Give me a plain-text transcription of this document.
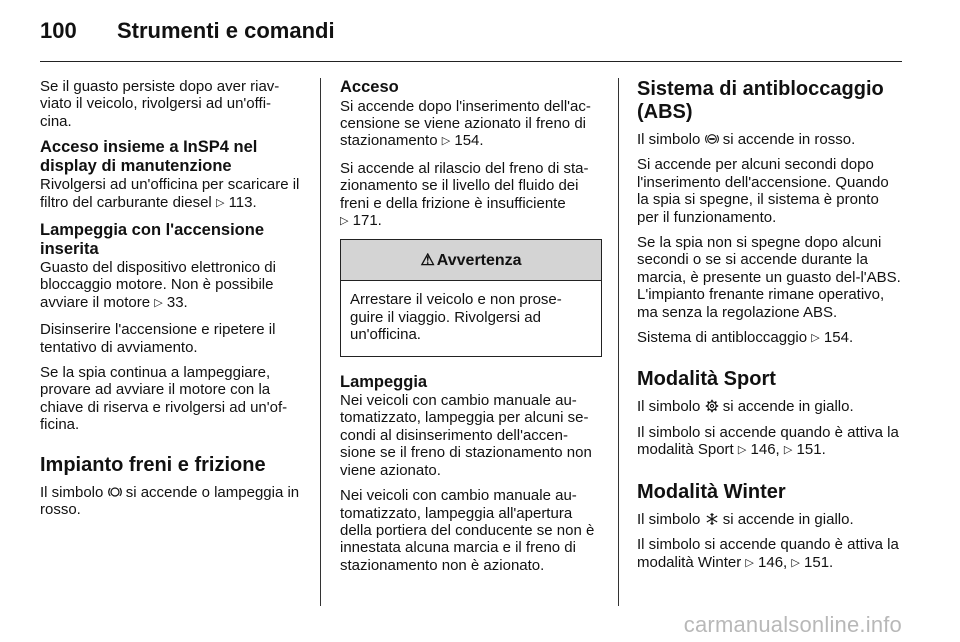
100 Strumenti e comandi

Se il guasto persiste dopo aver riav-viato il veicolo, rivolgersi ad un'offi-cina.

Acceso insieme a InSP4 nel display di manutenzione

Rivolgersi ad un'officina per scaricare il filtro del carburante diesel ▷ 113.

Lampeggia con l'accensione inserita

Guasto del dispositivo elettronico di bloccaggio motore. Non è possibile avviare il motore ▷ 33.

Disinserire l'accensione e ripetere il tentativo di avviamento.

Se la spia continua a lampeggiare, provare ad avviare il motore con la chiave di riserva e rivolgersi ad un'of-ficina.

Impianto freni e frizione

Il simbolo si accende o lampeggia in rosso.

Acceso

Si accende dopo l'inserimento dell'ac-censione se viene azionato il freno di stazionamento ▷ 154.

Si accende al rilascio del freno di sta-zionamento se il livello del fluido dei freni e della frizione è insufficiente
▷ 171.

⚠ Avvertenza
Arrestare il veicolo e non prose-guire il viaggio. Rivolgersi ad un'officina.
Lampeggia

Nei veicoli con cambio manuale au-tomatizzato, lampeggia per alcuni se-condi al disinserimento dell'accen-sione se il freno di stazionamento non viene azionato.

Nei veicoli con cambio manuale au-tomatizzato, lampeggia all'apertura della portiera del conducente se non è innestata alcuna marcia e il freno di stazionamento non è azionato.

Sistema di antibloccaggio (ABS)

Il simbolo si accende in rosso.

Si accende per alcuni secondi dopo l'inserimento dell'accensione. Quando la spia si spegne, il sistema è pronto per il funzionamento.

Se la spia non si spegne dopo alcuni secondi o se si accende durante la marcia, è presente un guasto del-l'ABS. L'impianto frenante rimane operativo, ma senza la regolazione ABS.

Sistema di antibloccaggio ▷ 154.

Modalità Sport

Il simbolo si accende in giallo.

Il simbolo si accende quando è attiva la modalità Sport ▷ 146, ▷ 151.

Modalità Winter

Il simbolo si accende in giallo.

Il simbolo si accende quando è attiva la modalità Winter ▷ 146, ▷ 151.

carmanualsonline.info
